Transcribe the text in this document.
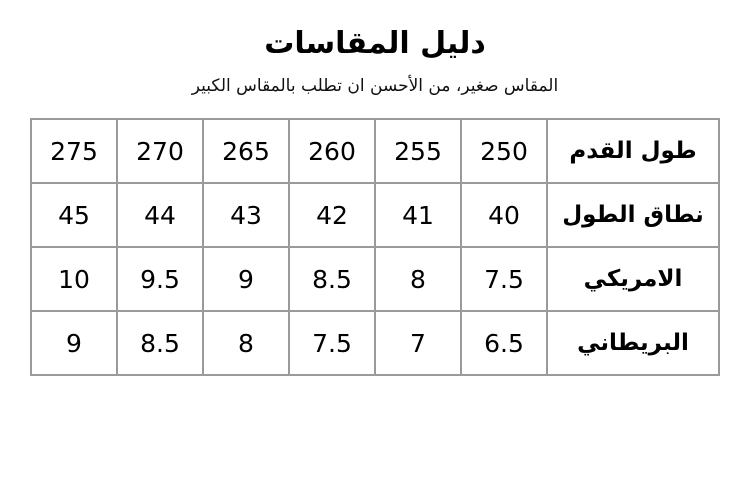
دليل المقاسات
المقاس صغير، من الأحسن ان تطلب بالمقاس الكبير
طول القدم	250	255	260	265	270	275
نطاق الطول	40	41	42	43	44	45
الامريكي	7.5	8	8.5	9	9.5	10
البريطاني	6.5	7	7.5	8	8.5	9
